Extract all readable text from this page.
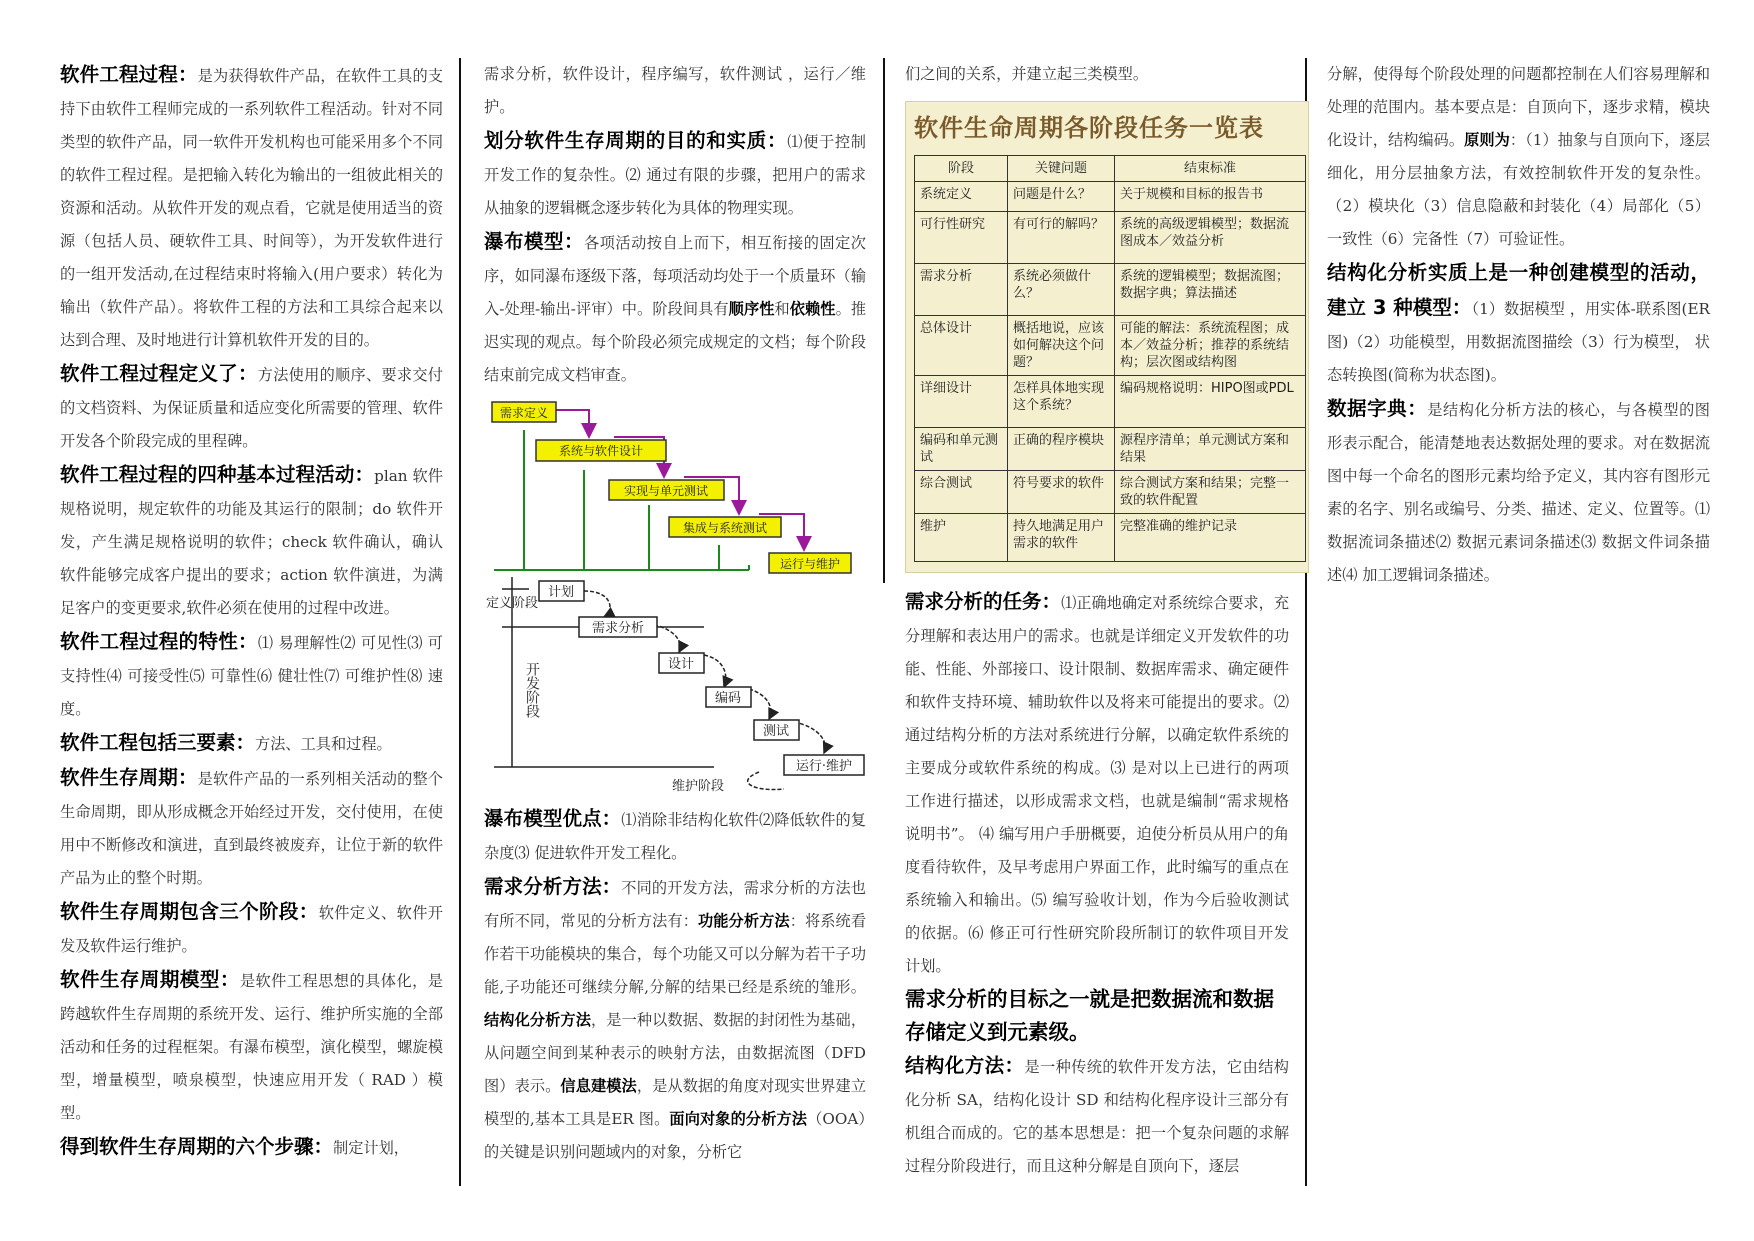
软件工程过程：是为获得软件产品，在软件工具的支持下由软件工程师完成的一系列软件工程活动。针对不同类型的软件产品，同一软件开发机构也可能采用多个不同的软件工程过程。是把输入转化为输出的一组彼此相关的资源和活动。从软件开发的观点看，它就是使用适当的资源（包括人员、硬软件工具、时间等），为开发软件进行的一组开发活动,在过程结束时将输入(用户要求）转化为输出（软件产品）。将软件工程的方法和工具综合起来以达到合理、及时地进行计算机软件开发的目的。

软件工程过程定义了：方法使用的顺序、要求交付的文档资料、为保证质量和适应变化所需要的管理、软件开发各个阶段完成的里程碑。

软件工程过程的四种基本过程活动：plan 软件规格说明，规定软件的功能及其运行的限制；do 软件开发，产生满足规格说明的软件；check 软件确认，确认软件能够完成客户提出的要求；action 软件演进，为满足客户的变更要求,软件必须在使用的过程中改进。

软件工程过程的特性：⑴ 易理解性⑵ 可见性⑶ 可支持性⑷ 可接受性⑸ 可靠性⑹ 健壮性⑺ 可维护性⑻ 速度。

软件工程包括三要素：方法、工具和过程。

软件生存周期：是软件产品的一系列相关活动的整个生命周期，即从形成概念开始经过开发，交付使用，在使用中不断修改和演进，直到最终被废弃，让位于新的软件产品为止的整个时期。

软件生存周期包含三个阶段：软件定义、软件开发及软件运行维护。

软件生存周期模型：是软件工程思想的具体化，是跨越软件生存周期的系统开发、运行、维护所实施的全部活动和任务的过程框架。有瀑布模型，演化模型，螺旋模型，增量模型，喷泉模型，快速应用开发（ RAD ）模型。

得到软件生存周期的六个步骤：制定计划，

需求分析，软件设计，程序编写，软件测试 ，运行／维护。

划分软件生存周期的目的和实质：⑴便于控制开发工作的复杂性。⑵ 通过有限的步骤，把用户的需求从抽象的逻辑概念逐步转化为具体的物理实现。

瀑布模型：各项活动按自上而下，相互衔接的固定次序，如同瀑布逐级下落，每项活动均处于一个质量环（输入-处理-输出-评审）中。阶段间具有顺序性和依赖性。推迟实现的观点。每个阶段必须完成规定的文档；每个阶段结束前完成文档审查。

需求定义
系统与软件设计
实现与单元测试
集成与系统测试
运行与维护
定义阶段
开发阶段
维护阶段
计划
需求分析
设计
编码
测试
运行·维护

瀑布模型优点：⑴消除非结构化软件⑵降低软件的复杂度⑶ 促进软件开发工程化。

需求分析方法：不同的开发方法，需求分析的方法也有所不同，常见的分析方法有：功能分析方法：将系统看作若干功能模块的集合，每个功能又可以分解为若干子功能,子功能还可继续分解,分解的结果已经是系统的雏形。结构化分析方法，是一种以数据、数据的封闭性为基础，从问题空间到某种表示的映射方法，由数据流图（DFD 图）表示。信息建模法，是从数据的角度对现实世界建立模型的,基本工具是ER 图。面向对象的分析方法（OOA）的关键是识别问题域内的对象，分析它

们之间的关系，并建立起三类模型。

软件生命周期各阶段任务一览表
阶段	关键问题	结束标准
系统定义	问题是什么？	关于规模和目标的报告书
可行性研究	有可行的解吗？	系统的高级逻辑模型；数据流图成本／效益分析
需求分析	系统必须做什么？	系统的逻辑模型；数据流图；数据字典；算法描述
总体设计	概括地说，应该如何解决这个问题？	可能的解法：系统流程图；成本／效益分析；推荐的系统结构；层次图或结构图
详细设计	怎样具体地实现这个系统？	编码规格说明：HIPO图或PDL
编码和单元测试	正确的程序模块	源程序清单；单元测试方案和结果
综合测试	符号要求的软件	综合测试方案和结果；完整一致的软件配置
维护	持久地满足用户需求的软件	完整准确的维护记录

需求分析的任务：⑴正确地确定对系统综合要求，充分理解和表达用户的需求。也就是详细定义开发软件的功能、性能、外部接口、设计限制、数据库需求、确定硬件和软件支持环境、辅助软件以及将来可能提出的要求。⑵ 通过结构分析的方法对系统进行分解，以确定软件系统的主要成分或软件系统的构成。⑶ 是对以上已进行的两项工作进行描述，以形成需求文档，也就是编制“需求规格说明书”。 ⑷ 编写用户手册概要，迫使分析员从用户的角度看待软件，及早考虑用户界面工作，此时编写的重点在系统输入和输出。⑸ 编写验收计划，作为今后验收测试的依据。⑹ 修正可行性研究阶段所制订的软件项目开发计划。

需求分析的目标之一就是把数据流和数据存储定义到元素级。

结构化方法：是一种传统的软件开发方法，它由结构化分析 SA，结构化设计 SD 和结构化程序设计三部分有机组合而成的。它的基本思想是：把一个复杂问题的求解过程分阶段进行，而且这种分解是自顶向下，逐层

分解，使得每个阶段处理的问题都控制在人们容易理解和处理的范围内。基本要点是：自顶向下，逐步求精，模块化设计，结构编码。原则为：（1）抽象与自顶向下，逐层细化，用分层抽象方法，有效控制软件开发的复杂性。（2）模块化（3）信息隐蔽和封装化（4）局部化（5）一致性（6）完备性（7）可验证性。

结构化分析实质上是一种创建模型的活动，建立 3 种模型：（1）数据模型 ，用实体-联系图(ER 图)（2）功能模型，用数据流图描绘（3）行为模型， 状态转换图(简称为状态图)。

数据字典：是结构化分析方法的核心，与各模型的图形表示配合，能清楚地表达数据处理的要求。对在数据流图中每一个命名的图形元素均给予定义，其内容有图形元素的名字、别名或编号、分类、描述、定义、位置等。⑴ 数据流词条描述⑵ 数据元素词条描述⑶ 数据文件词条描述⑷ 加工逻辑词条描述。
